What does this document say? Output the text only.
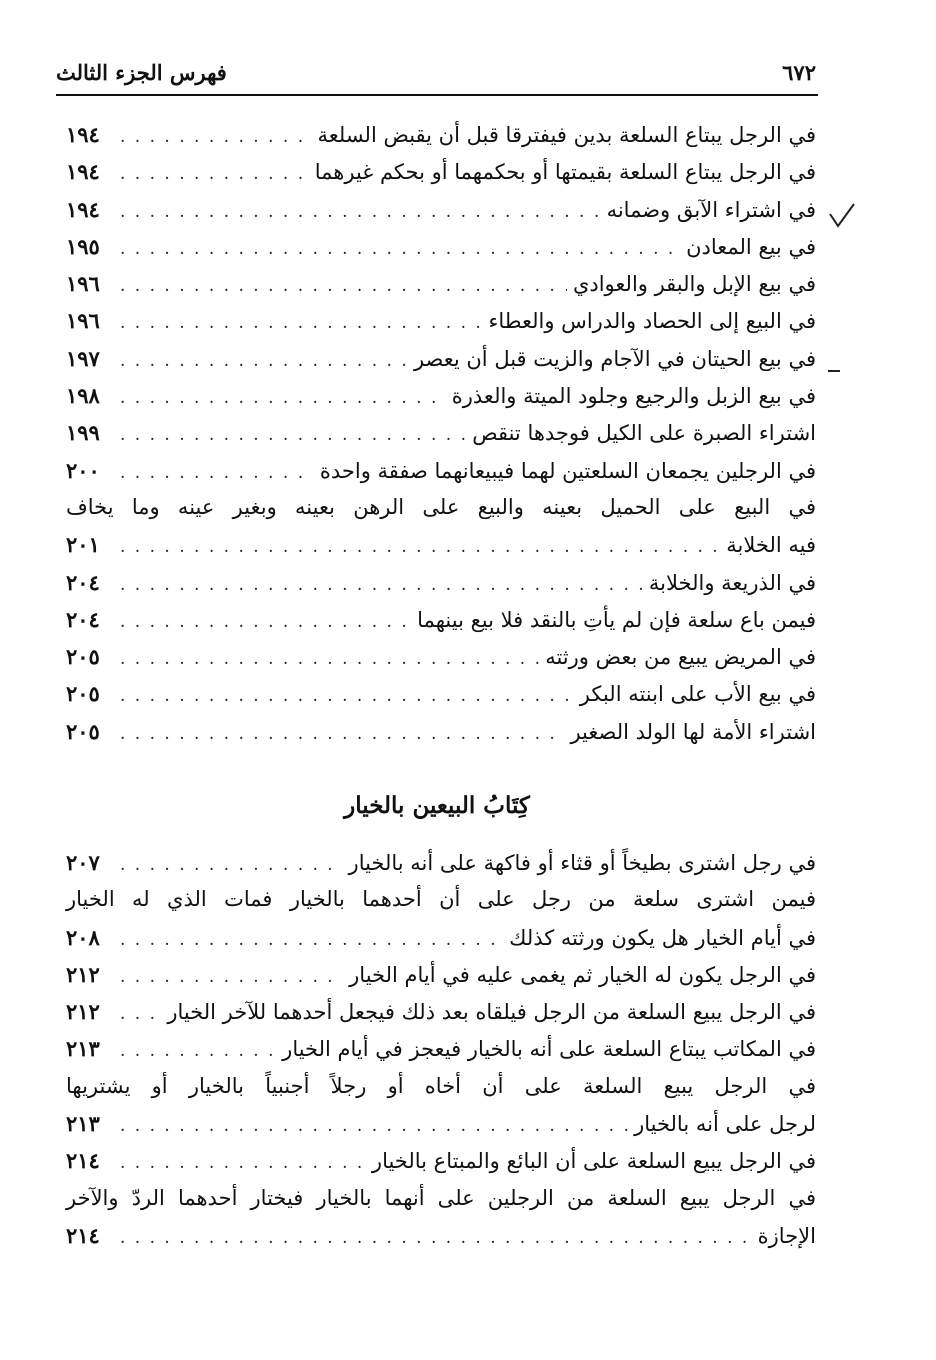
فهرس الجزء الثالث	٦٧٢
في الرجل يبتاع السلعة بدين فيفترقا قبل أن يقبض السلعة
. . .
١٩٤
في الرجل يبتاع السلعة بقيمتها أو بحكمهما أو بحكم غيرهما
. . .
١٩٤
في اشتراء الآبق وضمانه
. . .
١٩٤
في بيع المعادن
. . .
١٩٥
في بيع الإبل والبقر والعوادي
. . .
١٩٦
في البيع إلى الحصاد والدراس والعطاء
. . .
١٩٦
في بيع الحيتان في الآجام والزيت قبل أن يعصر
. . .
١٩٧
في بيع الزبل والرجيع وجلود الميتة والعذرة
. . .
١٩٨
اشتراء الصبرة على الكيل فوجدها تنقص
. . .
١٩٩
في الرجلين يجمعان السلعتين لهما فيبيعانهما صفقة واحدة
. . .
٢٠٠
في البيع على الحميل بعينه والبيع على الرهن بعينه وبغير عينه وما يخاف
فيه الخلابة
. . .
٢٠١
في الذريعة والخلابة
. . .
٢٠٤
فيمن باع سلعة فإن لم يأتِ بالنقد فلا بيع بينهما
. . .
٢٠٤
في المريض يبيع من بعض ورثته
. . .
٢٠٥
في بيع الأب على ابنته البكر
. . .
٢٠٥
اشتراء الأمة لها الولد الصغير
. . .
٢٠٥
كِتَابُ البيعين بالخيار
في رجل اشترى بطيخاً أو قثاء أو فاكهة على أنه بالخيار
. . .
٢٠٧
فيمن اشترى سلعة من رجل على أن أحدهما بالخيار فمات الذي له الخيار
في أيام الخيار هل يكون ورثته كذلك
. . .
٢٠٨
في الرجل يكون له الخيار ثم يغمى عليه في أيام الخيار
. . .
٢١٢
في الرجل يبيع السلعة من الرجل فيلقاه بعد ذلك فيجعل أحدهما للآخر الخيار
. . .
٢١٢
في المكاتب يبتاع السلعة على أنه بالخيار فيعجز في أيام الخيار
. . .
٢١٣
في الرجل يبيع السلعة على أن أخاه أو رجلاً أجنبياً بالخيار أو يشتريها
لرجل على أنه بالخيار
. . .
٢١٣
في الرجل يبيع السلعة على أن البائع والمبتاع بالخيار
. . .
٢١٤
في الرجل يبيع السلعة من الرجلين على أنهما بالخيار فيختار أحدهما الردّ والآخر
الإجازة
. . .
٢١٤
